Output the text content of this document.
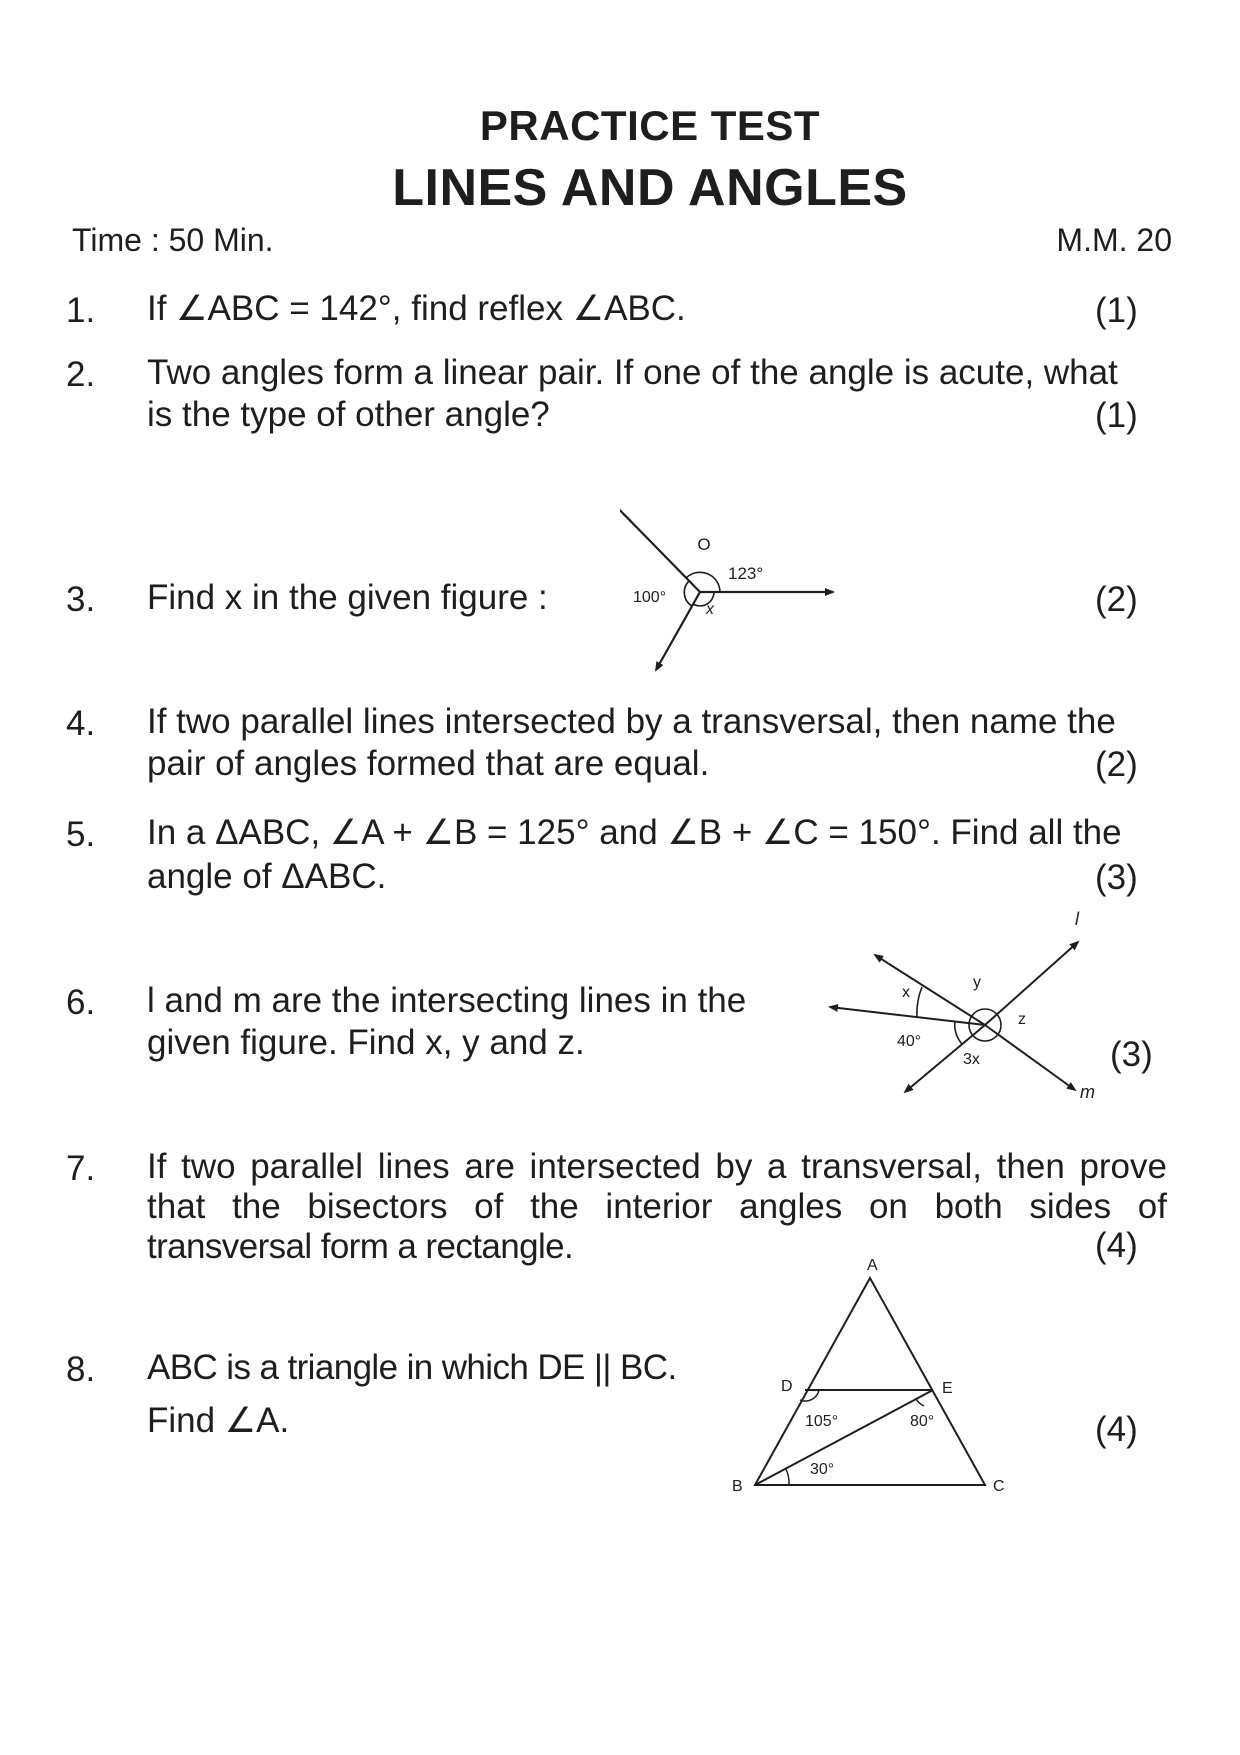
PRACTICE TEST
LINES AND ANGLES
Time : 50 Min.	M.M. 20
1. If ∠ABC = 142°, find reflex ∠ABC.	(1)
2. Two angles form a linear pair. If one of the angle is acute, what
is the type of other angle?	(1)
3. Find x in the given figure :	(2)
O
123°
100°
x
4. If two parallel lines intersected by a transversal, then name the
pair of angles formed that are equal.	(2)
5. In a ΔABC, ∠A + ∠B = 125° and ∠B + ∠C = 150°. Find all the
angle of ΔABC.	(3)
6. l and m are the intersecting lines in the
given figure. Find x, y and z.	(3)
l
m
x
y
z
40°
3x
7. If two parallel lines are intersected by a transversal, then prove
that the bisectors of the interior angles on both sides of
transversal form a rectangle.	(4)
8. ABC is a triangle in which DE || BC.
Find ∠A.	(4)
A
B	C
D	E
105°	80°
30°
